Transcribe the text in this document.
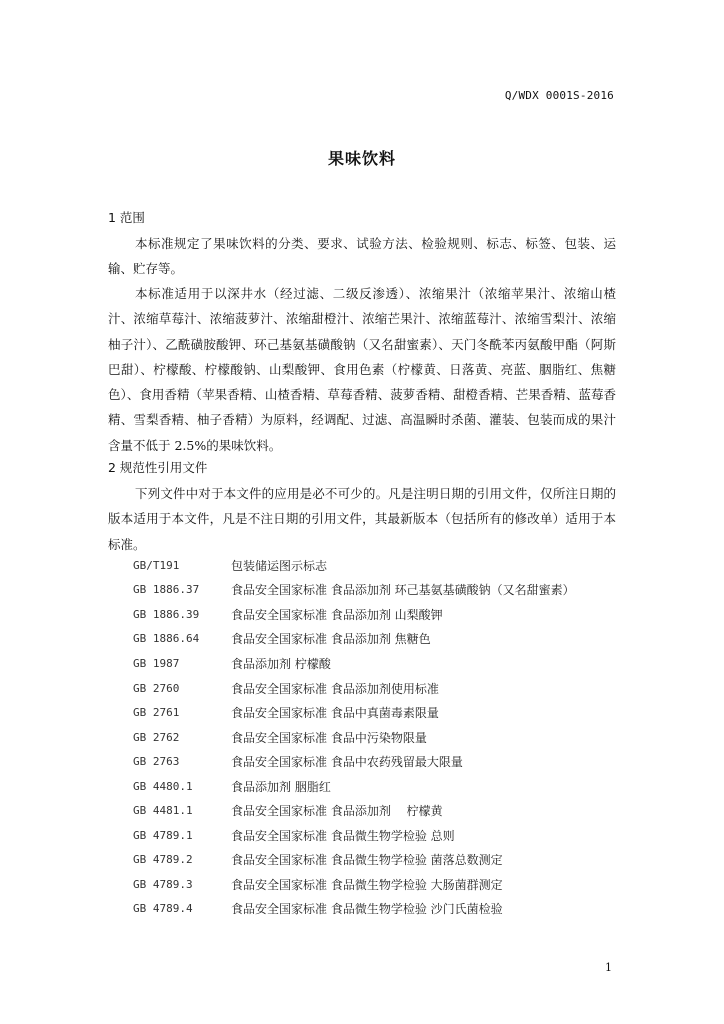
Q/WDX 0001S-2016
果味饮料
1 范围

本标准规定了果味饮料的分类、要求、试验方法、检验规则、标志、标签、包装、运输、贮存等。

本标准适用于以深井水（经过滤、二级反渗透）、浓缩果汁（浓缩苹果汁、浓缩山楂汁、浓缩草莓汁、浓缩菠萝汁、浓缩甜橙汁、浓缩芒果汁、浓缩蓝莓汁、浓缩雪梨汁、浓缩柚子汁）、乙酰磺胺酸钾、环己基氨基磺酸钠（又名甜蜜素）、天门冬酰苯丙氨酸甲酯（阿斯巴甜）、柠檬酸、柠檬酸钠、山梨酸钾、食用色素（柠檬黄、日落黄、亮蓝、胭脂红、焦糖色）、食用香精（苹果香精、山楂香精、草莓香精、菠萝香精、甜橙香精、芒果香精、蓝莓香精、雪梨香精、柚子香精）为原料，经调配、过滤、高温瞬时杀菌、灌装、包装而成的果汁含量不低于 2.5%的果味饮料。

2 规范性引用文件

下列文件中对于本文件的应用是必不可少的。凡是注明日期的引用文件，仅所注日期的版本适用于本文件，凡是不注日期的引用文件，其最新版本（包括所有的修改单）适用于本标准。

GB/T191	包装储运图示标志
GB 1886.37	食品安全国家标准 食品添加剂 环己基氨基磺酸钠（又名甜蜜素）
GB 1886.39	食品安全国家标准 食品添加剂 山梨酸钾
GB 1886.64	食品安全国家标准 食品添加剂 焦糖色
GB 1987	食品添加剂 柠檬酸
GB 2760	食品安全国家标准 食品添加剂使用标准
GB 2761	食品安全国家标准 食品中真菌毒素限量
GB 2762	食品安全国家标准 食品中污染物限量
GB 2763	食品安全国家标准 食品中农药残留最大限量
GB 4480.1	食品添加剂 胭脂红
GB 4481.1	食品安全国家标准 食品添加剂　 柠檬黄
GB 4789.1	食品安全国家标准 食品微生物学检验 总则
GB 4789.2	食品安全国家标准 食品微生物学检验 菌落总数测定
GB 4789.3	食品安全国家标准 食品微生物学检验 大肠菌群测定
GB 4789.4	食品安全国家标准 食品微生物学检验 沙门氏菌检验
1
